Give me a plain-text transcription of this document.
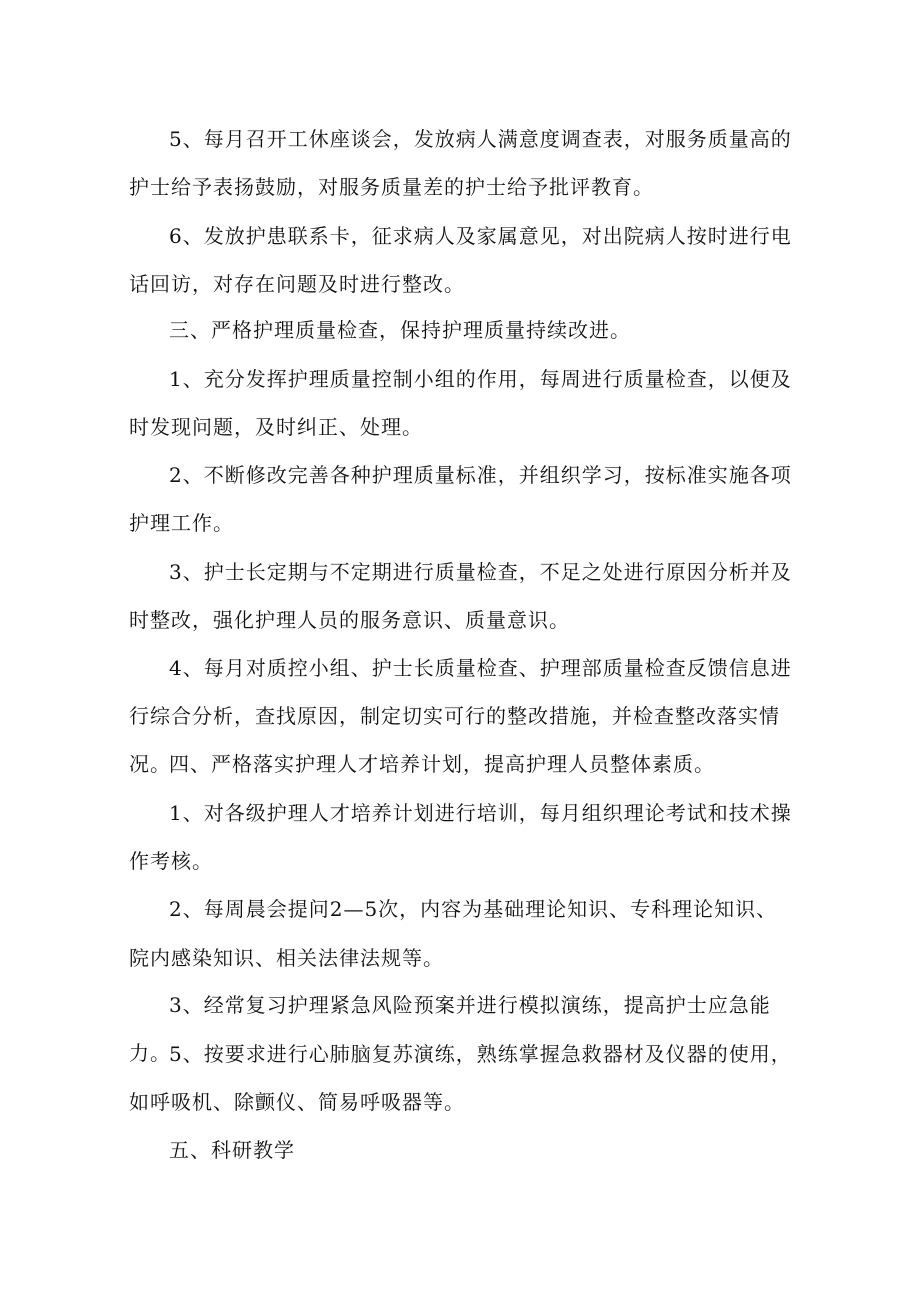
5、每月召开工休座谈会，发放病人满意度调查表，对服务质量高的护士给予表扬鼓励，对服务质量差的护士给予批评教育。

6、发放护患联系卡，征求病人及家属意见，对出院病人按时进行电话回访，对存在问题及时进行整改。

三、严格护理质量检查，保持护理质量持续改进。

1、充分发挥护理质量控制小组的作用，每周进行质量检查，以便及时发现问题，及时纠正、处理。

2、不断修改完善各种护理质量标准，并组织学习，按标准实施各项护理工作。

3、护士长定期与不定期进行质量检查，不足之处进行原因分析并及时整改，强化护理人员的服务意识、质量意识。

4、每月对质控小组、护士长质量检查、护理部质量检查反馈信息进行综合分析，查找原因，制定切实可行的整改措施，并检查整改落实情况。

四、严格落实护理人才培养计划，提高护理人员整体素质。

1、对各级护理人才培养计划进行培训，每月组织理论考试和技术操作考核。

2、每周晨会提问2—5次，内容为基础理论知识、专科理论知识、

院内感染知识、相关法律法规等。

3、经常复习护理紧急风险预案并进行模拟演练，提高护士应急能力。

5、按要求进行心肺脑复苏演练，熟练掌握急救器材及仪器的使用，如呼吸机、除颤仪、简易呼吸器等。

五、科研教学
